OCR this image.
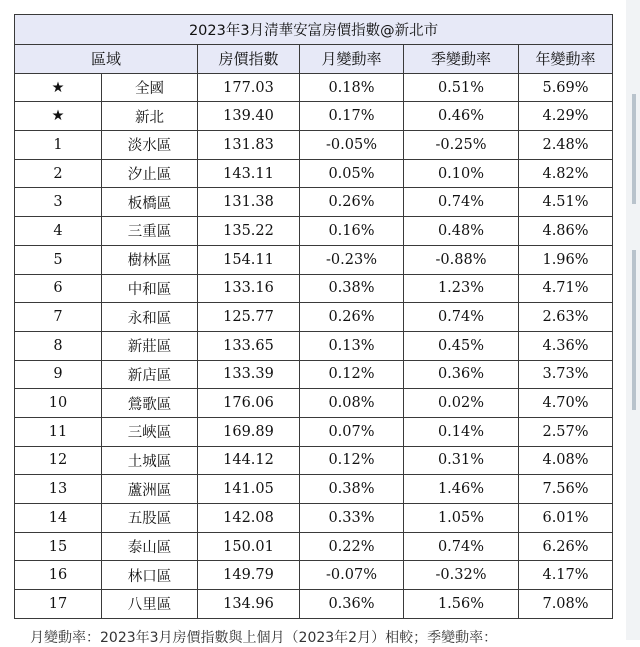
2023年3月清華安富房價指數@新北市					
區域		房價指數	月變動率	季變動率	年變動率
★	全國	177.03	0.18%	0.51%	5.69%
★	新北	139.40	0.17%	0.46%	4.29%
1	淡水區	131.83	-0.05%	-0.25%	2.48%
2	汐止區	143.11	0.05%	0.10%	4.82%
3	板橋區	131.38	0.26%	0.74%	4.51%
4	三重區	135.22	0.16%	0.48%	4.86%
5	樹林區	154.11	-0.23%	-0.88%	1.96%
6	中和區	133.16	0.38%	1.23%	4.71%
7	永和區	125.77	0.26%	0.74%	2.63%
8	新莊區	133.65	0.13%	0.45%	4.36%
9	新店區	133.39	0.12%	0.36%	3.73%
10	鶯歌區	176.06	0.08%	0.02%	4.70%
11	三峽區	169.89	0.07%	0.14%	2.57%
12	土城區	144.12	0.12%	0.31%	4.08%
13	蘆洲區	141.05	0.38%	1.46%	7.56%
14	五股區	142.08	0.33%	1.05%	6.01%
15	泰山區	150.01	0.22%	0.74%	6.26%
16	林口區	149.79	-0.07%	-0.32%	4.17%
17	八里區	134.96	0.36%	1.56%	7.08%
月變動率：2023年3月房價指數與上個月（2023年2月）相較；季變動率：
